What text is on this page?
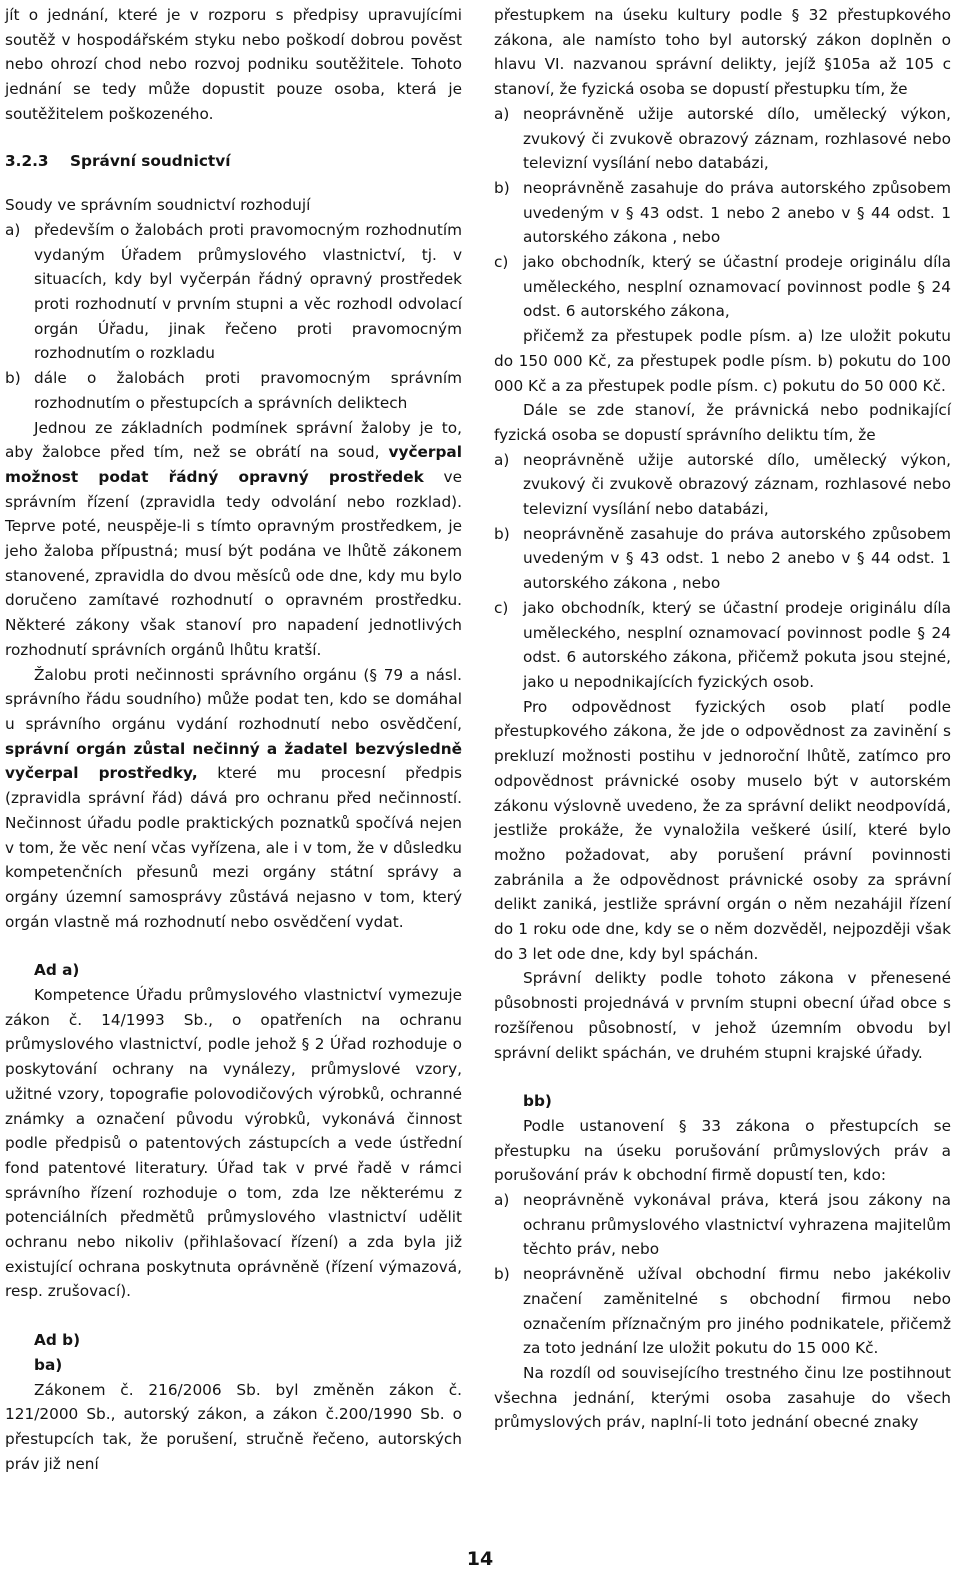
jít o jednání, které je v rozporu s předpisy upravujícími soutěž v hospodářském styku nebo poškodí dobrou pověst nebo ohrozí chod nebo rozvoj podniku soutěžitele. Tohoto jednání se tedy může dopustit pouze osoba, která je soutěžitelem poškozeného.

3.2.3	Správní soudnictví

Soudy ve správním soudnictví rozhodují

a) především o žalobách proti pravomocným rozhodnutím vydaným Úřadem průmyslového vlastnictví, tj. v situacích, kdy byl vyčerpán řádný opravný prostředek proti rozhodnutí v prvním stupni a věc rozhodl odvolací orgán Úřadu, jinak řečeno proti pravomocným rozhodnutím o rozkladu
b) dále o žalobách proti pravomocným správním rozhodnutím o přestupcích a správních deliktech

Jednou ze základních podmínek správní žaloby je to, aby žalobce před tím, než se obrátí na soud, vyčerpal možnost podat řádný opravný prostředek ve správním řízení (zpravidla tedy odvolání nebo rozklad). Teprve poté, neuspěje-li s tímto opravným prostředkem, je jeho žaloba přípustná; musí být podána ve lhůtě zákonem stanovené, zpravidla do dvou měsíců ode dne, kdy mu bylo doručeno zamítavé rozhodnutí o opravném prostředku. Některé zákony však stanoví pro napadení jednotlivých rozhodnutí správních orgánů lhůtu kratší.

Žalobu proti nečinnosti správního orgánu (§ 79 a násl. správního řádu soudního) může podat ten, kdo se domáhal u správního orgánu vydání rozhodnutí nebo osvědčení, správní orgán zůstal nečinný a žadatel bezvýsledně vyčerpal prostředky, které mu procesní předpis (zpravidla správní řád) dává pro ochranu před nečinností. Nečinnost úřadu podle praktických poznatků spočívá nejen v tom, že věc není včas vyřízena, ale i v tom, že v důsledku kompetenčních přesunů mezi orgány státní správy a orgány územní samosprávy zůstává nejasno v tom, který orgán vlastně má rozhodnutí nebo osvědčení vydat.

Ad a)

Kompetence Úřadu průmyslového vlastnictví vymezuje zákon č. 14/1993 Sb., o opatřeních na ochranu průmyslového vlastnictví, podle jehož § 2 Úřad rozhoduje o poskytování ochrany na vynálezy, průmyslové vzory, užitné vzory, topografie polovodičových výrobků, ochranné známky a označení původu výrobků, vykonává činnost podle předpisů o patentových zástupcích a vede ústřední fond patentové literatury. Úřad tak v prvé řadě v rámci správního řízení rozhoduje o tom, zda lze některému z potenciálních předmětů průmyslového vlastnictví udělit ochranu nebo nikoliv (přihlašovací řízení) a zda byla již existující ochrana poskytnuta oprávněně (řízení výmazová, resp. zrušovací).

Ad b)
ba)

Zákonem č. 216/2006 Sb. byl změněn zákon č. 121/2000 Sb., autorský zákon, a zákon č.200/1990 Sb. o přestupcích tak, že porušení, stručně řečeno, autorských práv již není

přestupkem na úseku kultury podle § 32 přestupkového zákona, ale namísto toho byl autorský zákon doplněn o hlavu VI. nazvanou správní delikty, jejíž §105a až 105 c stanoví, že fyzická osoba se dopustí přestupku tím, že

a) neoprávněně užije autorské dílo, umělecký výkon, zvukový či zvukově obrazový záznam, rozhlasové nebo televizní vysílání nebo databázi,
b) neoprávněně zasahuje do práva autorského způsobem uvedeným v § 43 odst. 1 nebo 2 anebo v § 44 odst. 1 autorského zákona , nebo
c) jako obchodník, který se účastní prodeje originálu díla uměleckého, nesplní oznamovací povinnost podle § 24 odst. 6 autorského zákona,

přičemž za přestupek podle písm. a) lze uložit pokutu do 150 000 Kč, za přestupek podle písm. b) pokutu do 100 000 Kč a za přestupek podle písm. c) pokutu do 50 000 Kč.

Dále se zde stanoví, že právnická nebo podnikající fyzická osoba se dopustí správního deliktu tím, že

a) neoprávněně užije autorské dílo, umělecký výkon, zvukový či zvukově obrazový záznam, rozhlasové nebo televizní vysílání nebo databázi,
b) neoprávněně zasahuje do práva autorského způsobem uvedeným v § 43 odst. 1 nebo 2 anebo v § 44 odst. 1 autorského zákona , nebo
c) jako obchodník, který se účastní prodeje originálu díla uměleckého, nesplní oznamovací povinnost podle § 24 odst. 6 autorského zákona, přičemž pokuta jsou stejné, jako u nepodnikajících fyzických osob.

Pro odpovědnost fyzických osob platí podle přestupkového zákona, že jde o odpovědnost za zavinění s prekluzí možnosti postihu v jednoroční lhůtě, zatímco pro odpovědnost právnické osoby muselo být v autorském zákonu výslovně uvedeno, že za správní delikt neodpovídá, jestliže prokáže, že vynaložila veškeré úsilí, které bylo možno požadovat, aby porušení právní povinnosti zabránila a že odpovědnost právnické osoby za správní delikt zaniká, jestliže správní orgán o něm nezahájil řízení do 1 roku ode dne, kdy se o něm dozvěděl, nejpozději však do 3 let ode dne, kdy byl spáchán.

Správní delikty podle tohoto zákona v přenesené působnosti projednává v prvním stupni obecní úřad obce s rozšířenou působností, v jehož územním obvodu byl správní delikt spáchán, ve druhém stupni krajské úřady.

bb)

Podle ustanovení § 33 zákona o přestupcích se přestupku na úseku porušování průmyslových práv a porušování práv k obchodní firmě dopustí ten, kdo:

a) neoprávněně vykonával práva, která jsou zákony na ochranu průmyslového vlastnictví vyhrazena majitelům těchto práv, nebo
b) neoprávněně užíval obchodní firmu nebo jakékoliv značení zaměnitelné s obchodní firmou nebo označením příznačným pro jiného podnikatele, přičemž za toto jednání lze uložit pokutu do 15 000 Kč.

Na rozdíl od souvisejícího trestného činu lze postihnout všechna jednání, kterými osoba zasahuje do všech průmyslových práv, naplní-li toto jednání obecné znaky

14
